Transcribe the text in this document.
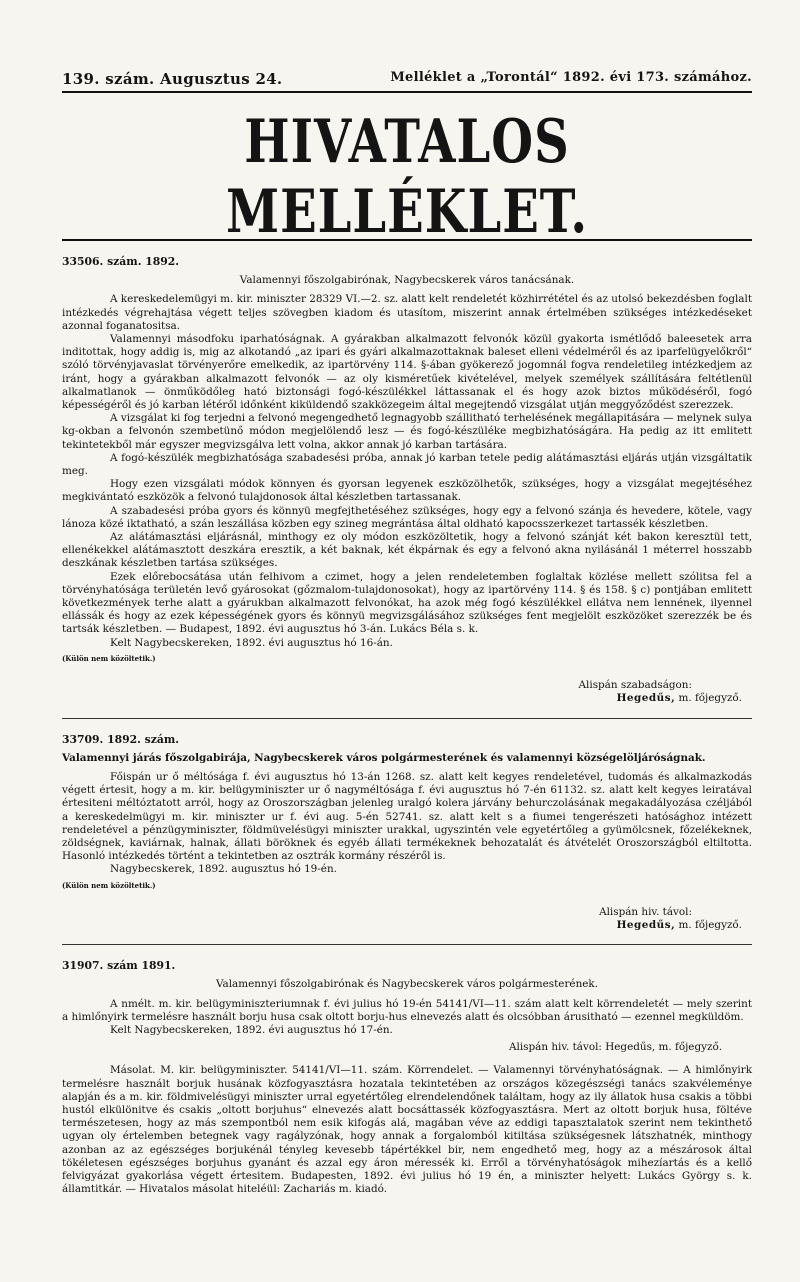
139. szám. Augusztus 24.	Melléklet a „Torontál“ 1892. évi 173. számához.
HIVATALOS MELLÉKLET.
33506. szám. 1892.
Valamennyi főszolgabirónak, Nagybecskerek város tanácsának.

A kereskedelemügyi m. kir. miniszter 28329 VI.—2. sz. alatt kelt rendeletét közhirrététel és az utolsó bekezdésben foglalt intézkedés végrehajtása végett teljes szövegben kiadom és utasítom, miszerint annak értelmében szükséges intézkedéseket azonnal foganatositsa.

Valamennyi másodfoku iparhatóságnak. A gyárakban alkalmazott felvonók közül gyakorta ismétlődő baleesetek arra inditottak, hogy addig is, mig az alkotandó „az ipari és gyári alkalmazottaknak baleset elleni védelméről és az iparfelügyelőkről“ szóló törvényjavaslat törvényerőre emelkedik, az ipartörvény 114. §-ában gyökerező jogomnál fogva rendeletileg intézkedjem az iránt, hogy a gyárakban alkalmazott felvonók — az oly kisméretűek kivételével, melyek személyek szállítására feltétlenül alkalmatlanok — önműködőleg ható biztonsági fogó-készülékkel láttassanak el és hogy azok biztos működéséről, fogó képességéről és jó karban létéről időnként kiküldendő szakközegeim által megejtendő vizsgálat utján meggyőződést szerezzek.

A vizsgálat ki fog terjedni a felvonó megengedhető legnagyobb szállitható terhelésének megállapitására — melynek sulya kg-okban a felvonón szembetünő módon megjelölendő lesz — és fogó-készüléke megbizhatóságára. Ha pedig az itt emlitett tekintetekből már egyszer megvizsgálva lett volna, akkor annak jó karban tartására.

A fogó-készülék megbizhatósága szabadesési próba, annak jó karban tetele pedig alátámasztási eljárás utján vizsgáltatik meg.

Hogy ezen vizsgálati módok könnyen és gyorsan legyenek eszközölhetők, szükséges, hogy a vizsgálat megejtéséhez megkivántató eszközök a felvonó tulajdonosok által készletben tartassanak.

A szabadesési próba gyors és könnyü megfejthetéséhez szükséges, hogy egy a felvonó szánja és hevedere, kötele, vagy lánoza közé iktatható, a szán leszállása közben egy szineg megrántása által oldható kapocsszerkezet tartassék készletben.

Az alátámasztási eljárásnál, minthogy ez oly módon eszközöltetik, hogy a felvonó szánját két bakon keresztül tett, ellenékekkel alátámasztott deszkára eresztik, a két baknak, két ékpárnak és egy a felvonó akna nyilásánál 1 méterrel hosszabb deszkának készletben tartása szükséges.

Ezek előrebocsátása után felhivom a czimet, hogy a jelen rendeletemben foglaltak közlése mellett szólitsa fel a törvényhatósága területén levő gyárosokat (gőzmalom-tulajdonosokat), hogy az ipartörvény 114. § és 158. § c) pontjában emlitett következmények terhe alatt a gyárukban alkalmazott felvonókat, ha azok még fogó készülékkel ellátva nem lennének, ilyennel ellássák és hogy az ezek képességének gyors és könnyü megvizsgálásához szükséges fent megjelölt eszközöket szerezzék be és tartsák készletben. — Budapest, 1892. évi augusztus hó 3-án. Lukács Béla s. k.

Kelt Nagybecskereken, 1892. évi augusztus hó 16-án.

(Külön nem közöltetik.)

Alispán szabadságon:
Hegedűs, m. főjegyző.
33709. 1892. szám.
Valamennyi járás főszolgabirája, Nagybecskerek város polgármesterének és valamennyi községelöljáróságnak.

Főispán ur ő méltósága f. évi augusztus hó 13-án 1268. sz. alatt kelt kegyes rendeletével, tudomás és alkalmazkodás végett értesit, hogy a m. kir. belügyminiszter ur ő nagyméltósága f. évi augusztus hó 7-én 61132. sz. alatt kelt kegyes leiratával értesiteni méltóztatott arról, hogy az Oroszországban jelenleg uralgó kolera járvány behurczolásának megakadályozása czéljából a kereskedelmügyi m. kir. miniszter ur f. évi aug. 5-én 52741. sz. alatt kelt s a fiumei tengerészeti hatósághoz intézett rendeletével a pénzügyminiszter, földmüvelésügyi miniszter urakkal, ugyszintén vele egyetértőleg a gyümölcsnek, főzelékeknek, zöldségnek, kaviárnak, halnak, állati böröknek és egyéb állati termékeknek behozatalát és átvételét Oroszországból eltiltotta. Hasonló intézkedés történt a tekintetben az osztrák kormány részéről is.

Nagybecskerek, 1892. augusztus hó 19-én.

(Külön nem közöltetik.)

Alispán hiv. távol:
Hegedűs, m. főjegyző.
31907. szám 1891.
Valamennyi főszolgabirónak és Nagybecskerek város polgármesterének.

A nmélt. m. kir. belügyminiszteriumnak f. évi julius hó 19-én 54141/VI—11. szám alatt kelt körrendeletét — mely szerint a himlőnyirk termelésre használt borju husa csak oltott borju-hus elnevezés alatt és olcsóbban árusitható — ezennel megküldöm.

Kelt Nagybecskereken, 1892. évi augusztus hó 17-én.

Alispán hiv. távol: Hegedűs, m. főjegyző.

Másolat. M. kir. belügyminiszter. 54141/VI—11. szám. Körrendelet. — Valamennyi törvényhatóságnak. — A himlőnyirk termelésre használt borjuk husának közfogyasztásra hozatala tekintetében az országos közegészségi tanács szakvéleménye alapján és a m. kir. földmivelésügyi miniszter urral egyetértőleg elrendelendőnek találtam, hogy az ily állatok husa csakis a többi hustól elkülönitve és csakis „oltott borjuhus“ elnevezés alatt bocsáttassék közfogyasztásra. Mert az oltott borjuk husa, föltéve természetesen, hogy az más szempontból nem esik kifogás alá, magában véve az eddigi tapasztalatok szerint nem tekinthető ugyan oly értelemben betegnek vagy ragályzónak, hogy annak a forgalomból kitiltása szükségesnek látszhatnék, minthogy azonban az az egészséges borjukénál tényleg kevesebb tápértékkel bir, nem engedhető meg, hogy az a mészárosok által tökéletesen egészséges borjuhus gyanánt és azzal egy áron méressék ki. Erről a törvényhatóságok mihezíartás és a kellő felvigyázat gyakorlása végett értesitem. Budapesten, 1892. évi julius hó 19 én, a miniszter helyett: Lukács György s. k. államtitkár. — Hivatalos másolat hiteléül: Zachariás m. kiadó.
